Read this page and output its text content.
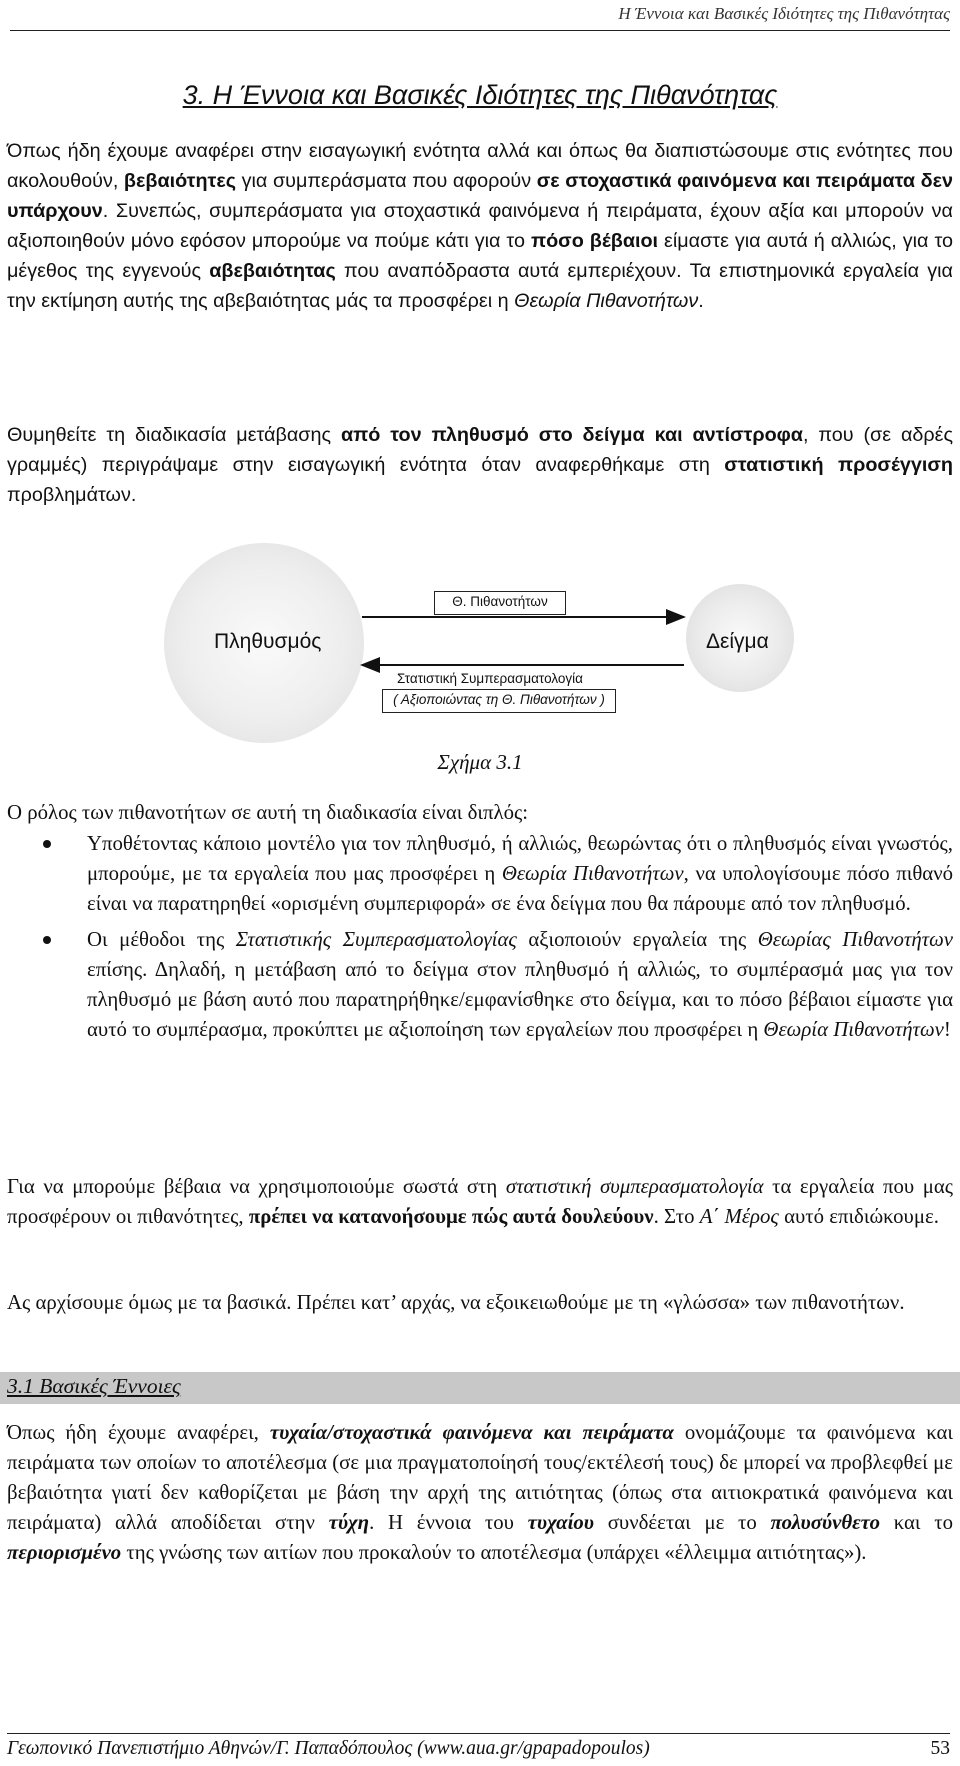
Η Έννοια και Βασικές Ιδιότητες της Πιθανότητας
3. Η Έννοια και Βασικές Ιδιότητες της Πιθανότητας
Όπως ήδη έχουμε αναφέρει στην εισαγωγική ενότητα αλλά και όπως θα διαπιστώσουμε στις ενότητες που ακολουθούν, βεβαιότητες για συμπεράσματα που αφορούν σε στοχαστικά φαινόμενα και πειράματα δεν υπάρχουν. Συνεπώς, συμπεράσματα για στοχαστικά φαινόμενα ή πειράματα, έχουν αξία και μπορούν να αξιοποιηθούν μόνο εφόσον μπορούμε να πούμε κάτι για το πόσο βέβαιοι είμαστε για αυτά ή αλλιώς, για το μέγεθος της εγγενούς αβεβαιότητας που αναπόδραστα αυτά εμπεριέχουν. Τα επιστημονικά εργαλεία για την εκτίμηση αυτής της αβεβαιότητας μάς τα προσφέρει η Θεωρία Πιθανοτήτων.
Θυμηθείτε τη διαδικασία μετάβασης από τον πληθυσμό στο δείγμα και αντίστροφα, που (σε αδρές γραμμές) περιγράψαμε στην εισαγωγική ενότητα όταν αναφερθήκαμε στη στατιστική προσέγγιση προβλημάτων.
Πληθυσμός	Δείγμα
Θ. Πιθανοτήτων
Στατιστική Συμπερασματολογία
( Αξιοποιώντας τη Θ. Πιθανοτήτων )
Σχήμα 3.1
Ο ρόλος των πιθανοτήτων σε αυτή τη διαδικασία είναι διπλός:
Υποθέτοντας κάποιο μοντέλο για τον πληθυσμό, ή αλλιώς, θεωρώντας ότι ο πληθυσμός είναι γνωστός, μπορούμε, με τα εργαλεία που μας προσφέρει η Θεωρία Πιθανοτήτων, να υπολογίσουμε πόσο πιθανό είναι να παρατηρηθεί «ορισμένη συμπεριφορά» σε ένα δείγμα που θα πάρουμε από τον πληθυσμό.
Οι μέθοδοι της Στατιστικής Συμπερασματολογίας αξιοποιούν εργαλεία της Θεωρίας Πιθανοτήτων επίσης. Δηλαδή, η μετάβαση από το δείγμα στον πληθυσμό ή αλλιώς, το συμπέρασμά μας για τον πληθυσμό με βάση αυτό που παρατηρήθηκε/εμφανίσθηκε στο δείγμα, και το πόσο βέβαιοι είμαστε για αυτό το συμπέρασμα, προκύπτει με αξιοποίηση των εργαλείων που προσφέρει η Θεωρία Πιθανοτήτων!
Για να μπορούμε βέβαια να χρησιμοποιούμε σωστά στη στατιστική συμπερασματολογία τα εργαλεία που μας προσφέρουν οι πιθανότητες, πρέπει να κατανοήσουμε πώς αυτά δουλεύουν. Στο Α΄ Μέρος αυτό επιδιώκουμε.
Ας αρχίσουμε όμως με τα βασικά. Πρέπει κατ’ αρχάς, να εξοικειωθούμε με τη «γλώσσα» των πιθανοτήτων.
3.1 Βασικές Έννοιες
Όπως ήδη έχουμε αναφέρει, τυχαία/στοχαστικά φαινόμενα και πειράματα ονομάζουμε τα φαινόμενα και πειράματα των οποίων το αποτέλεσμα (σε μια πραγματοποίησή τους/εκτέλεσή τους) δε μπορεί να προβλεφθεί με βεβαιότητα γιατί δεν καθορίζεται με βάση την αρχή της αιτιότητας (όπως στα αιτιοκρατικά φαινόμενα και πειράματα) αλλά αποδίδεται στην τύχη. Η έννοια του τυχαίου συνδέεται με το πολυσύνθετο και το περιορισμένο της γνώσης των αιτίων που προκαλούν το αποτέλεσμα (υπάρχει «έλλειμμα αιτιότητας»).
Γεωπονικό Πανεπιστήμιο Αθηνών/Γ. Παπαδόπουλος (www.aua.gr/gpapadopoulos)	53
